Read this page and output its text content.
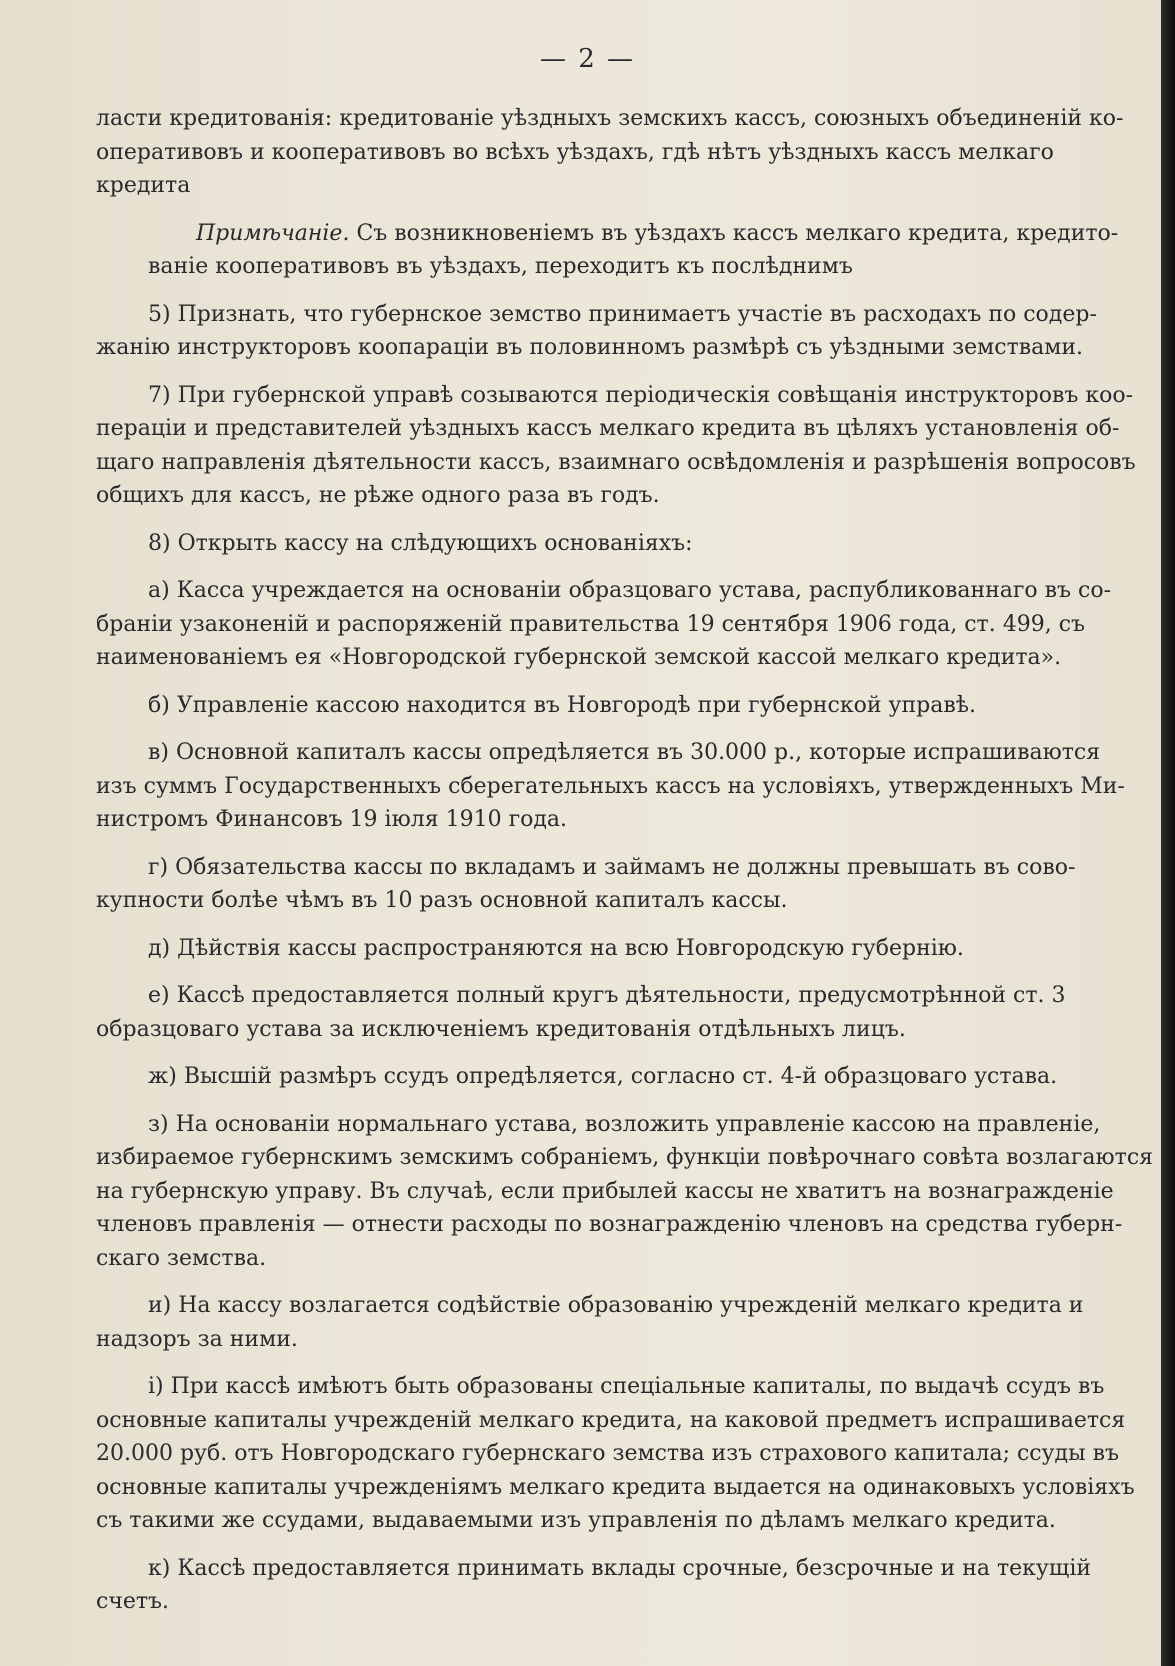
— 2 —
ласти кредитованія: кредитованіе уѣздныхъ земскихъ кассъ, союзныхъ объединеній ко-
оперативовъ и кооперативовъ во всѣхъ уѣздахъ, гдѣ нѣтъ уѣздныхъ кассъ мелкаго
кредита
Примѣчаніе. Съ возникновеніемъ въ уѣздахъ кассъ мелкаго кредита, кредито-
ваніе кооперативовъ въ уѣздахъ, переходитъ къ послѣднимъ
5) Признать, что губернское земство принимаетъ участіе въ расходахъ по содер-
жанію инструкторовъ коопараціи въ половинномъ размѣрѣ съ уѣздными земствами.
7) При губернской управѣ созываются періодическія совѣщанія инструкторовъ коо-
пераціи и представителей уѣздныхъ кассъ мелкаго кредита въ цѣляхъ установленія об-
щаго направленія дѣятельности кассъ, взаимнаго освѣдомленія и разрѣшенія вопросовъ
общихъ для кассъ, не рѣже одного раза въ годъ.
8) Открыть кассу на слѣдующихъ основаніяхъ:
а) Касса учреждается на основаніи образцоваго устава, распубликованнаго въ со-
браніи узаконеній и распоряженій правительства 19 сентября 1906 года, ст. 499, съ
наименованіемъ ея «Новгородской губернской земской кассой мелкаго кредита».
б) Управленіе кассою находится въ Новгородѣ при губернской управѣ.
в) Основной капиталъ кассы опредѣляется въ 30.000 р., которые испрашиваются
изъ суммъ Государственныхъ сберегательныхъ кассъ на условіяхъ, утвержденныхъ Ми-
нистромъ Финансовъ 19 іюля 1910 года.
г) Обязательства кассы по вкладамъ и займамъ не должны превышать въ сово-
купности болѣе чѣмъ въ 10 разъ основной капиталъ кассы.
д) Дѣйствія кассы распространяются на всю Новгородскую губернію.
е) Кассѣ предоставляется полный кругъ дѣятельности, предусмотрѣнной ст. 3
образцоваго устава за исключеніемъ кредитованія отдѣльныхъ лицъ.
ж) Высшій размѣръ ссудъ опредѣляется, согласно ст. 4-й образцоваго устава.
з) На основаніи нормальнаго устава, возложить управленіе кассою на правленіе,
избираемое губернскимъ земскимъ собраніемъ, функціи повѣрочнаго совѣта возлагаются
на губернскую управу. Въ случаѣ, если прибылей кассы не хватитъ на вознагражденіе
членовъ правленія — отнести расходы по вознагражденію членовъ на средства губерн-
скаго земства.
и) На кассу возлагается содѣйствіе образованію учрежденій мелкаго кредита и
надзоръ за ними.
і) При кассѣ имѣютъ быть образованы спеціальные капиталы, по выдачѣ ссудъ въ
основные капиталы учрежденій мелкаго кредита, на каковой предметъ испрашивается
20.000 руб. отъ Новгородскаго губернскаго земства изъ страхового капитала; ссуды въ
основные капиталы учрежденіямъ мелкаго кредита выдается на одинаковыхъ условіяхъ
съ такими же ссудами, выдаваемыми изъ управленія по дѣламъ мелкаго кредита.
к) Кассѣ предоставляется принимать вклады срочные, безсрочные и на текущій
счетъ.
